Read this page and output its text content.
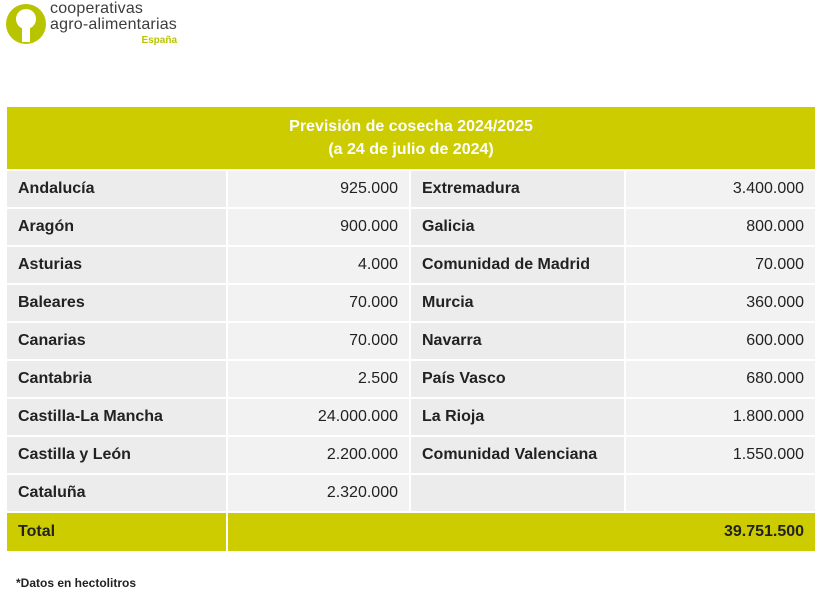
cooperativas
agro-alimentarias
España
Previsión de cosecha 2024/2025
(a 24 de julio de 2024)			

Andalucía	925.000	Extremadura	3.400.000
Aragón	900.000	Galicia	800.000
Asturias	4.000	Comunidad de Madrid	70.000
Baleares	70.000	Murcia	360.000
Canarias	70.000	Navarra	600.000
Cantabria	2.500	País Vasco	680.000
Castilla-La Mancha	24.000.000	La Rioja	1.800.000
Castilla y León	2.200.000	Comunidad Valenciana	1.550.000
Cataluña	2.320.000		
Total	39.751.500		
*Datos en hectolitros
